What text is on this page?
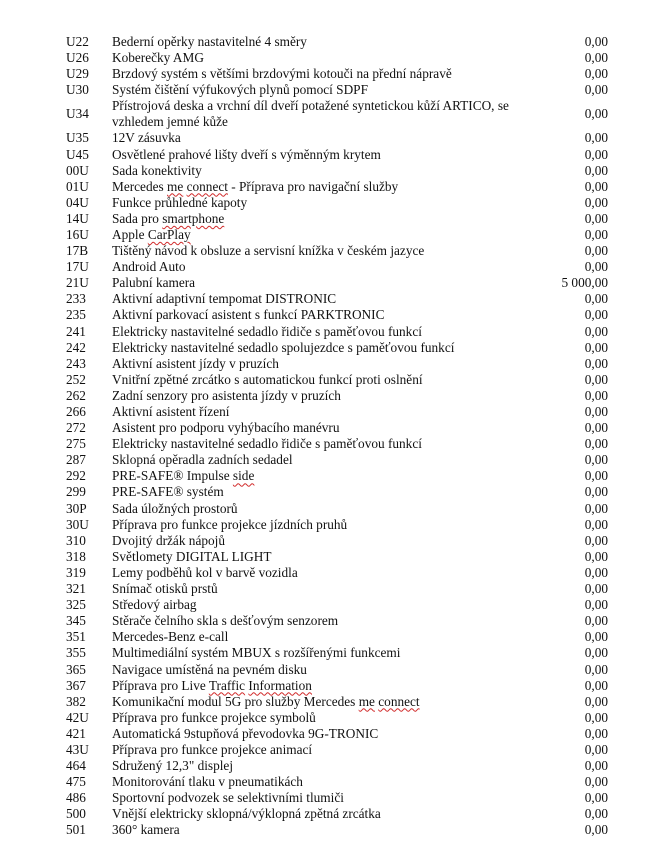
U22	Bederní opěrky nastavitelné 4 směry	0,00
U26	Koberečky AMG	0,00
U29	Brzdový systém s většími brzdovými kotouči na přední nápravě	0,00
U30	Systém čištění výfukových plynů pomocí SDPF	0,00
U34	Přístrojová deska a vrchní díl dveří potažené syntetickou kůží ARTICO, se vzhledem jemné kůže	0,00
U35	12V zásuvka	0,00
U45	Osvětlené prahové lišty dveří s výměnným krytem	0,00
00U	Sada konektivity	0,00
01U	Mercedes me connect - Příprava pro navigační služby	0,00
04U	Funkce průhledné kapoty	0,00
14U	Sada pro smartphone	0,00
16U	Apple CarPlay	0,00
17B	Tištěný návod k obsluze a servisní knížka v českém jazyce	0,00
17U	Android Auto	0,00
21U	Palubní kamera	5 000,00
233	Aktivní adaptivní tempomat DISTRONIC	0,00
235	Aktivní parkovací asistent s funkcí PARKTRONIC	0,00
241	Elektricky nastavitelné sedadlo řidiče s paměťovou funkcí	0,00
242	Elektricky nastavitelné sedadlo spolujezdce s paměťovou funkcí	0,00
243	Aktivní asistent jízdy v pruzích	0,00
252	Vnitřní zpětné zrcátko s automatickou funkcí proti oslnění	0,00
262	Zadní senzory pro asistenta jízdy v pruzích	0,00
266	Aktivní asistent řízení	0,00
272	Asistent pro podporu vyhýbacího manévru	0,00
275	Elektricky nastavitelné sedadlo řidiče s paměťovou funkcí	0,00
287	Sklopná opěradla zadních sedadel	0,00
292	PRE-SAFE® Impulse side	0,00
299	PRE-SAFE® systém	0,00
30P	Sada úložných prostorů	0,00
30U	Příprava pro funkce projekce jízdních pruhů	0,00
310	Dvojitý držák nápojů	0,00
318	Světlomety DIGITAL LIGHT	0,00
319	Lemy podběhů kol v barvě vozidla	0,00
321	Snímač otisků prstů	0,00
325	Středový airbag	0,00
345	Stěrače čelního skla s dešťovým senzorem	0,00
351	Mercedes-Benz e-call	0,00
355	Multimediální systém MBUX s rozšířenými funkcemi	0,00
365	Navigace umístěná na pevném disku	0,00
367	Příprava pro Live Traffic Information	0,00
382	Komunikační modul 5G pro služby Mercedes me connect	0,00
42U	Příprava pro funkce projekce symbolů	0,00
421	Automatická 9stupňová převodovka 9G-TRONIC	0,00
43U	Příprava pro funkce projekce animací	0,00
464	Sdružený 12,3" displej	0,00
475	Monitorování tlaku v pneumatikách	0,00
486	Sportovní podvozek se selektivními tlumiči	0,00
500	Vnější elektricky sklopná/výklopná zpětná zrcátka	0,00
501	360° kamera	0,00
